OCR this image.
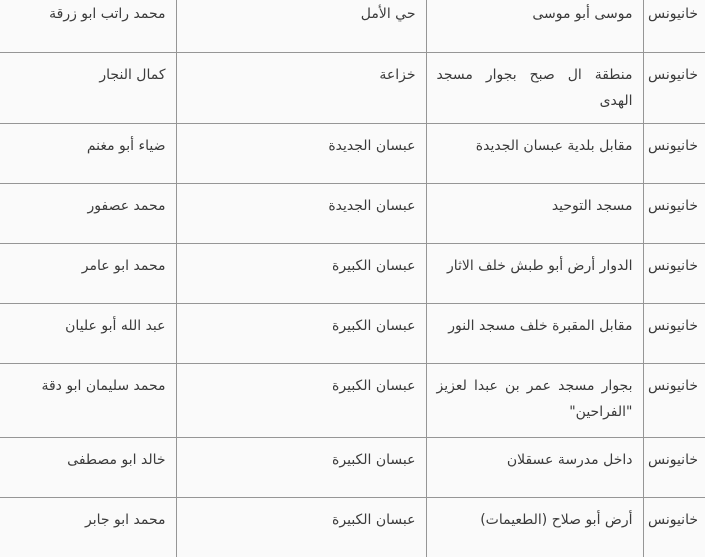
خانيونس	موسى أبو موسى	حي الأمل	محمد راتب ابو زرقة
خانيونس	منطقة ال صبح بجوار مسجد الهدى	خزاعة	كمال النجار
خانيونس	مقابل بلدية عبسان الجديدة	عبسان الجديدة	ضياء أبو مغنم
خانيونس	مسجد التوحيد	عبسان الجديدة	محمد عصفور
خانيونس	الدوار أرض أبو طبش خلف الاثار	عبسان الكبيرة	محمد ابو عامر
خانيونس	مقابل المقبرة خلف مسجد النور	عبسان الكبيرة	عبد الله أبو عليان
خانيونس	بجوار مسجد عمر بن عبدا لعزيز "الفراحين"	عبسان الكبيرة	محمد سليمان ابو دقة
خانيونس	داخل مدرسة عسقلان	عبسان الكبيرة	خالد ابو مصطفى
خانيونس	أرض أبو صلاح (الطعيمات)	عبسان الكبيرة	محمد ابو جابر
